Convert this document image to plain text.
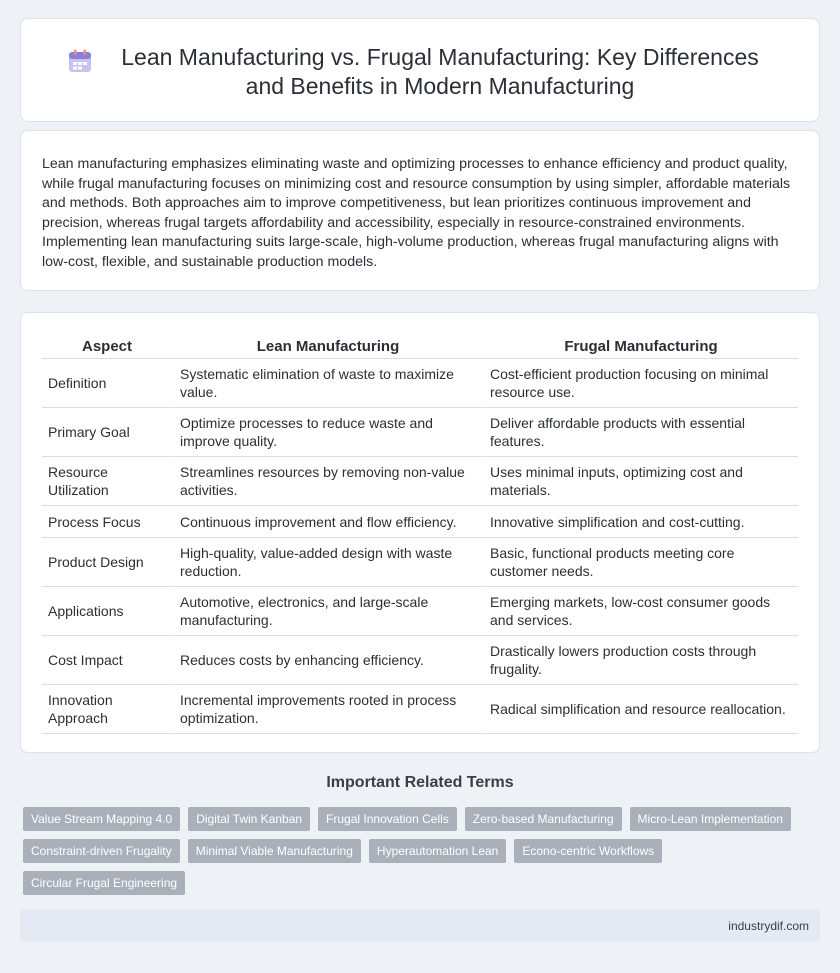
Lean Manufacturing vs. Frugal Manufacturing: Key Differences and Benefits in Modern Manufacturing

Lean manufacturing emphasizes eliminating waste and optimizing processes to enhance efficiency and product quality, while frugal manufacturing focuses on minimizing cost and resource consumption by using simpler, affordable materials and methods. Both approaches aim to improve competitiveness, but lean prioritizes continuous improvement and precision, whereas frugal targets affordability and accessibility, especially in resource-constrained environments. Implementing lean manufacturing suits large-scale, high-volume production, whereas frugal manufacturing aligns with low-cost, flexible, and sustainable production models.

Aspect	Lean Manufacturing	Frugal Manufacturing
Definition	Systematic elimination of waste to maximize value.	Cost-efficient production focusing on minimal resource use.
Primary Goal	Optimize processes to reduce waste and improve quality.	Deliver affordable products with essential features.
Resource Utilization	Streamlines resources by removing non-value activities.	Uses minimal inputs, optimizing cost and materials.
Process Focus	Continuous improvement and flow efficiency.	Innovative simplification and cost-cutting.
Product Design	High-quality, value-added design with waste reduction.	Basic, functional products meeting core customer needs.
Applications	Automotive, electronics, and large-scale manufacturing.	Emerging markets, low-cost consumer goods and services.
Cost Impact	Reduces costs by enhancing efficiency.	Drastically lowers production costs through frugality.
Innovation Approach	Incremental improvements rooted in process optimization.	Radical simplification and resource reallocation.
Important Related Terms
Value Stream Mapping 4.0	Digital Twin Kanban	Frugal Innovation Cells	Zero-based Manufacturing	Micro-Lean Implementation
Constraint-driven Frugality	Minimal Viable Manufacturing	Hyperautomation Lean	Econo-centric Workflows
Circular Frugal Engineering
industrydif.com
